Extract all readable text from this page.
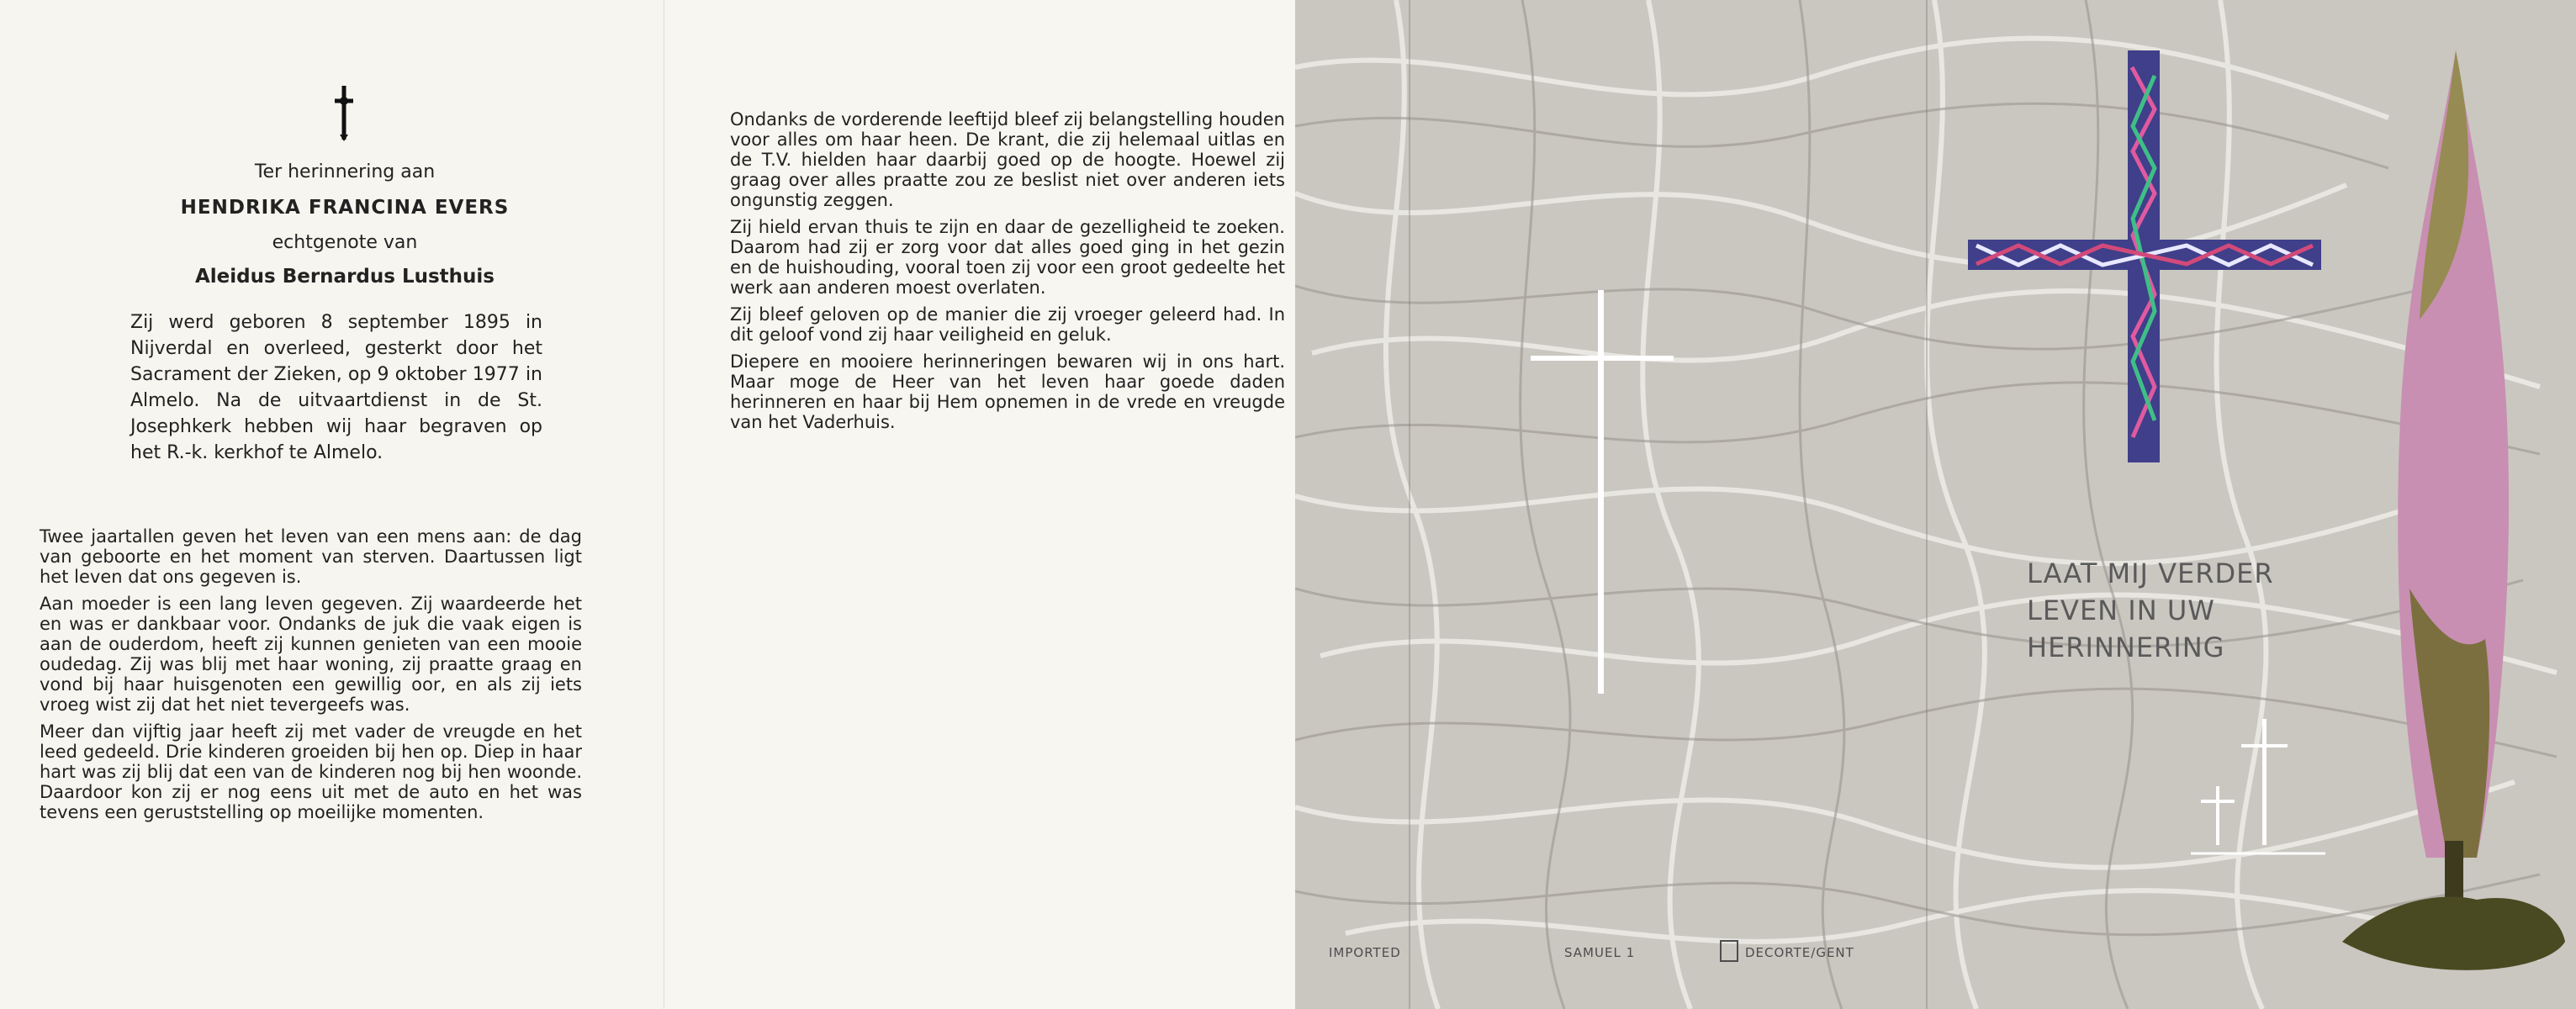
Ter herinnering aan
HENDRIKA FRANCINA EVERS
echtgenote van
Aleidus Bernardus Lusthuis
Zij werd geboren 8 september 1895 in Nijverdal en overleed, gesterkt door het Sacrament der Zieken, op 9 oktober 1977 in Almelo. Na de uitvaartdienst in de St. Josephkerk hebben wij haar begraven op het R.-k. kerkhof te Almelo.

Twee jaartallen geven het leven van een mens aan: de dag van geboorte en het moment van sterven. Daartussen ligt het leven dat ons gegeven is.

Aan moeder is een lang leven gegeven. Zij waardeerde het en was er dankbaar voor. Ondanks de juk die vaak eigen is aan de ouderdom, heeft zij kunnen genieten van een mooie oudedag. Zij was blij met haar woning, zij praatte graag en vond bij haar huisgenoten een gewillig oor, en als zij iets vroeg wist zij dat het niet tevergeefs was.

Meer dan vijftig jaar heeft zij met vader de vreugde en het leed gedeeld. Drie kinderen groeiden bij hen op. Diep in haar hart was zij blij dat een van de kinderen nog bij hen woonde. Daardoor kon zij er nog eens uit met de auto en het was tevens een geruststelling op moeilijke momenten.

Ondanks de vorderende leeftijd bleef zij belangstelling houden voor alles om haar heen. De krant, die zij helemaal uitlas en de T.V. hielden haar daarbij goed op de hoogte. Hoewel zij graag over alles praatte zou ze beslist niet over anderen iets ongunstig zeggen.

Zij hield ervan thuis te zijn en daar de gezelligheid te zoeken. Daarom had zij er zorg voor dat alles goed ging in het gezin en de huishouding, vooral toen zij voor een groot gedeelte het werk aan anderen moest overlaten.

Zij bleef geloven op de manier die zij vroeger geleerd had. In dit geloof vond zij haar veiligheid en geluk.

Diepere en mooiere herinneringen bewaren wij in ons hart. Maar moge de Heer van het leven haar goede daden herinneren en haar bij Hem opnemen in de vrede en vreugde van het Vaderhuis.

LAAT MIJ VERDER
LEVEN IN UW
HERINNERING
IMPORTED	SAMUEL 1	DECORTE/GENT
